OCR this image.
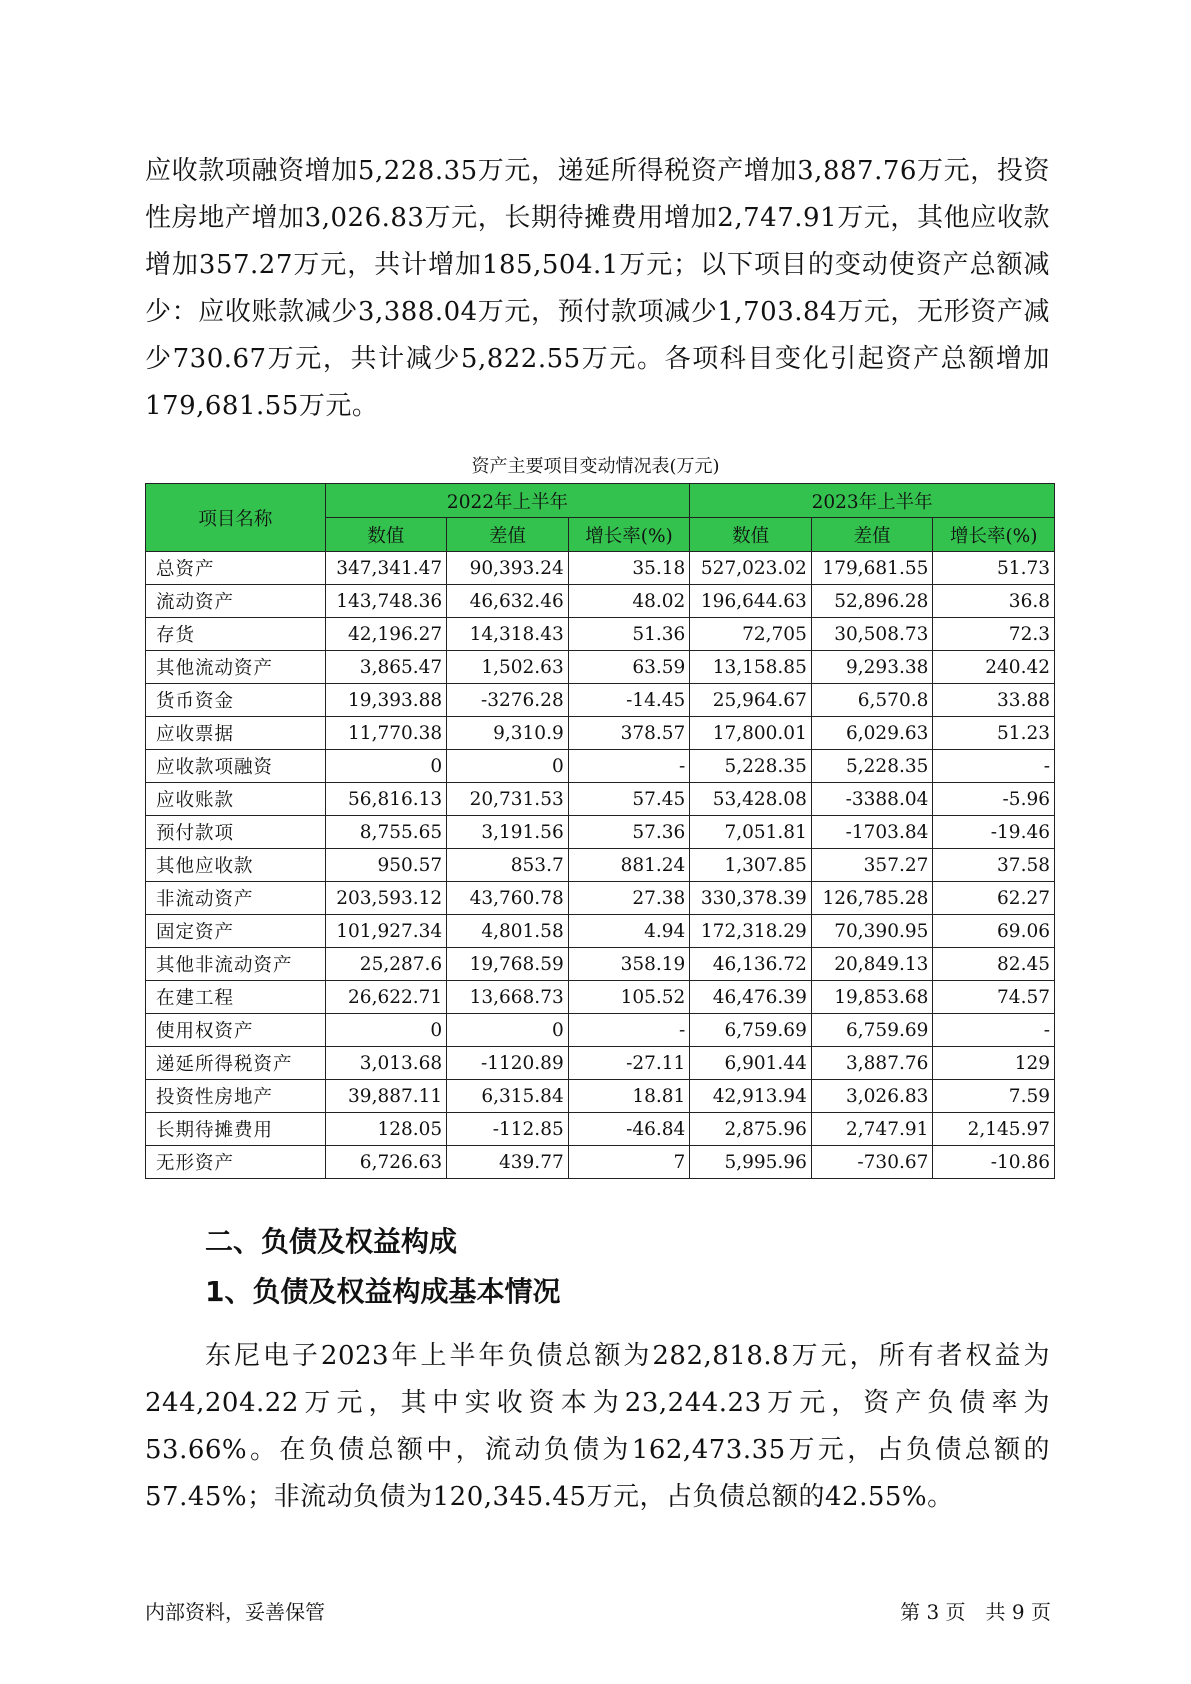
应收款项融资增加5,228.35万元，递延所得税资产增加3,887.76万元，投资性房地产增加3,026.83万元，长期待摊费用增加2,747.91万元，其他应收款增加357.27万元，共计增加185,504.1万元；以下项目的变动使资产总额减少：应收账款减少3,388.04万元，预付款项减少1,703.84万元，无形资产减少730.67万元，共计减少5,822.55万元。各项科目变化引起资产总额增加179,681.55万元。

资产主要项目变动情况表(万元)

项目名称	2022年上半年			2023年上半年		
	数值	差值	增长率(%)	数值	差值	增长率(%)
总资产	347,341.47	90,393.24	35.18	527,023.02	179,681.55	51.73
流动资产	143,748.36	46,632.46	48.02	196,644.63	52,896.28	36.8
存货	42,196.27	14,318.43	51.36	72,705	30,508.73	72.3
其他流动资产	3,865.47	1,502.63	63.59	13,158.85	9,293.38	240.42
货币资金	19,393.88	-3276.28	-14.45	25,964.67	6,570.8	33.88
应收票据	11,770.38	9,310.9	378.57	17,800.01	6,029.63	51.23
应收款项融资	0	0	-	5,228.35	5,228.35	-
应收账款	56,816.13	20,731.53	57.45	53,428.08	-3388.04	-5.96
预付款项	8,755.65	3,191.56	57.36	7,051.81	-1703.84	-19.46
其他应收款	950.57	853.7	881.24	1,307.85	357.27	37.58
非流动资产	203,593.12	43,760.78	27.38	330,378.39	126,785.28	62.27
固定资产	101,927.34	4,801.58	4.94	172,318.29	70,390.95	69.06
其他非流动资产	25,287.6	19,768.59	358.19	46,136.72	20,849.13	82.45
在建工程	26,622.71	13,668.73	105.52	46,476.39	19,853.68	74.57
使用权资产	0	0	-	6,759.69	6,759.69	-
递延所得税资产	3,013.68	-1120.89	-27.11	6,901.44	3,887.76	129
投资性房地产	39,887.11	6,315.84	18.81	42,913.94	3,026.83	7.59
长期待摊费用	128.05	-112.85	-46.84	2,875.96	2,747.91	2,145.97
无形资产	6,726.63	439.77	7	5,995.96	-730.67	-10.86
二、负债及权益构成
1、负债及权益构成基本情况

东尼电子2023年上半年负债总额为282,818.8万元，所有者权益为244,204.22万元，其中实收资本为23,244.23万元，资产负债率为53.66%。在负债总额中，流动负债为162,473.35万元，占负债总额的57.45%；非流动负债为120,345.45万元，占负债总额的42.55%。

内部资料，妥善保管	第 3 页　共 9 页
